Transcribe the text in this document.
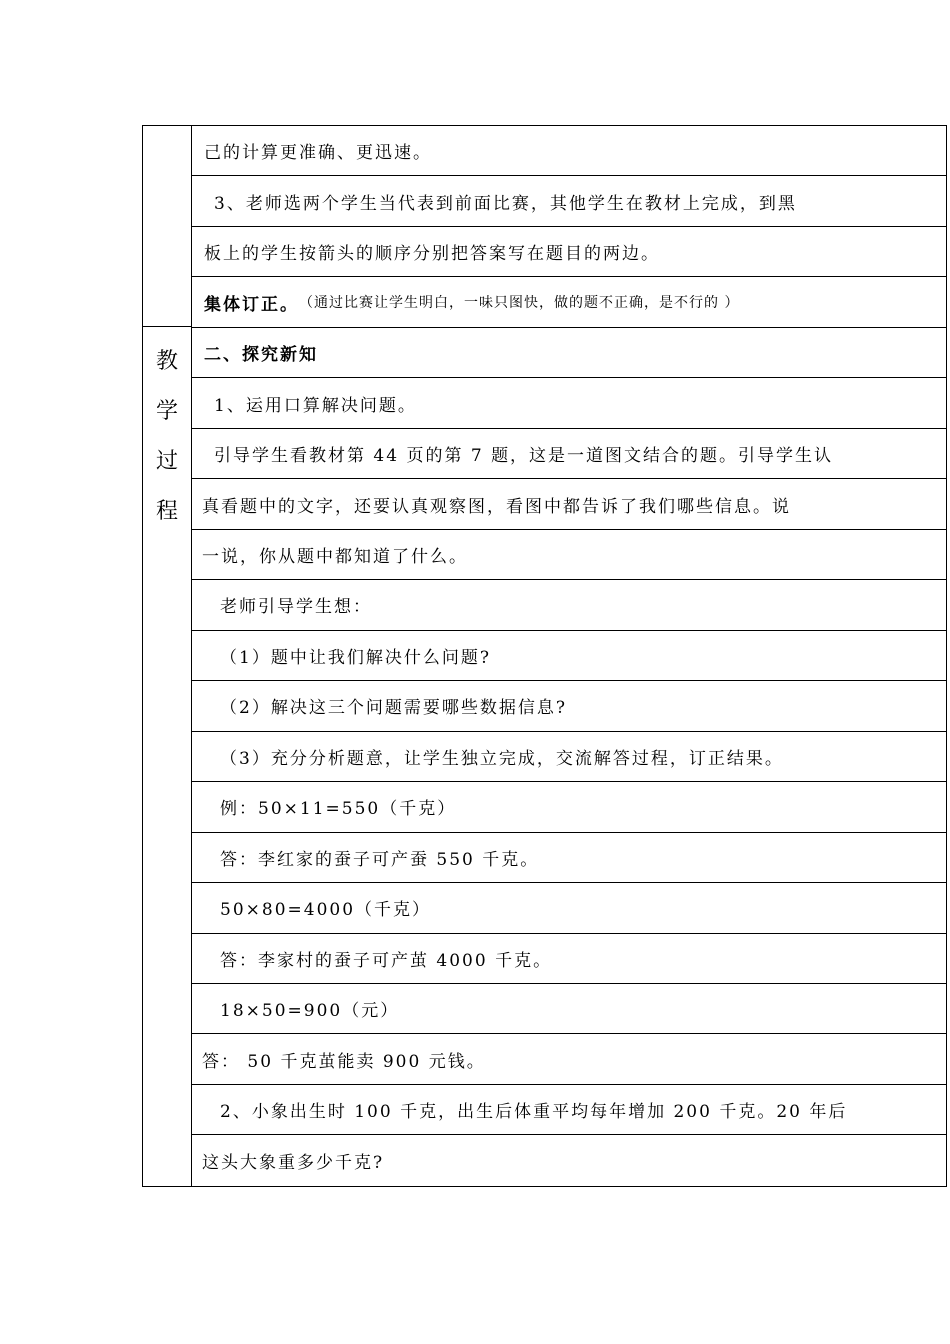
教
学
过
程
己的计算更准确、更迅速。
3、老师选两个学生当代表到前面比赛，其他学生在教材上完成，到黑
板上的学生按箭头的顺序分别把答案写在题目的两边。
集体订正。 （通过比赛让学生明白，一味只图快，做的题不正确，是不行的 ）
二、探究新知
1、运用口算解决问题。
引导学生看教材第 44 页的第 7 题，这是一道图文结合的题。引导学生认
真看题中的文字，还要认真观察图，看图中都告诉了我们哪些信息。说
一说，你从题中都知道了什么。
老师引导学生想：
（1）题中让我们解决什么问题?
（2）解决这三个问题需要哪些数据信息?
（3）充分分析题意，让学生独立完成，交流解答过程，订正结果。
例：50×11=550（千克）
答：李红家的蚕子可产蚕 550 千克。
50×80=4000（千克）
答：李家村的蚕子可产茧 4000 千克。
18×50=900（元）
答： 50 千克茧能卖 900 元钱。
2、小象出生时 100 千克，出生后体重平均每年增加 200 千克。20 年后
这头大象重多少千克?
